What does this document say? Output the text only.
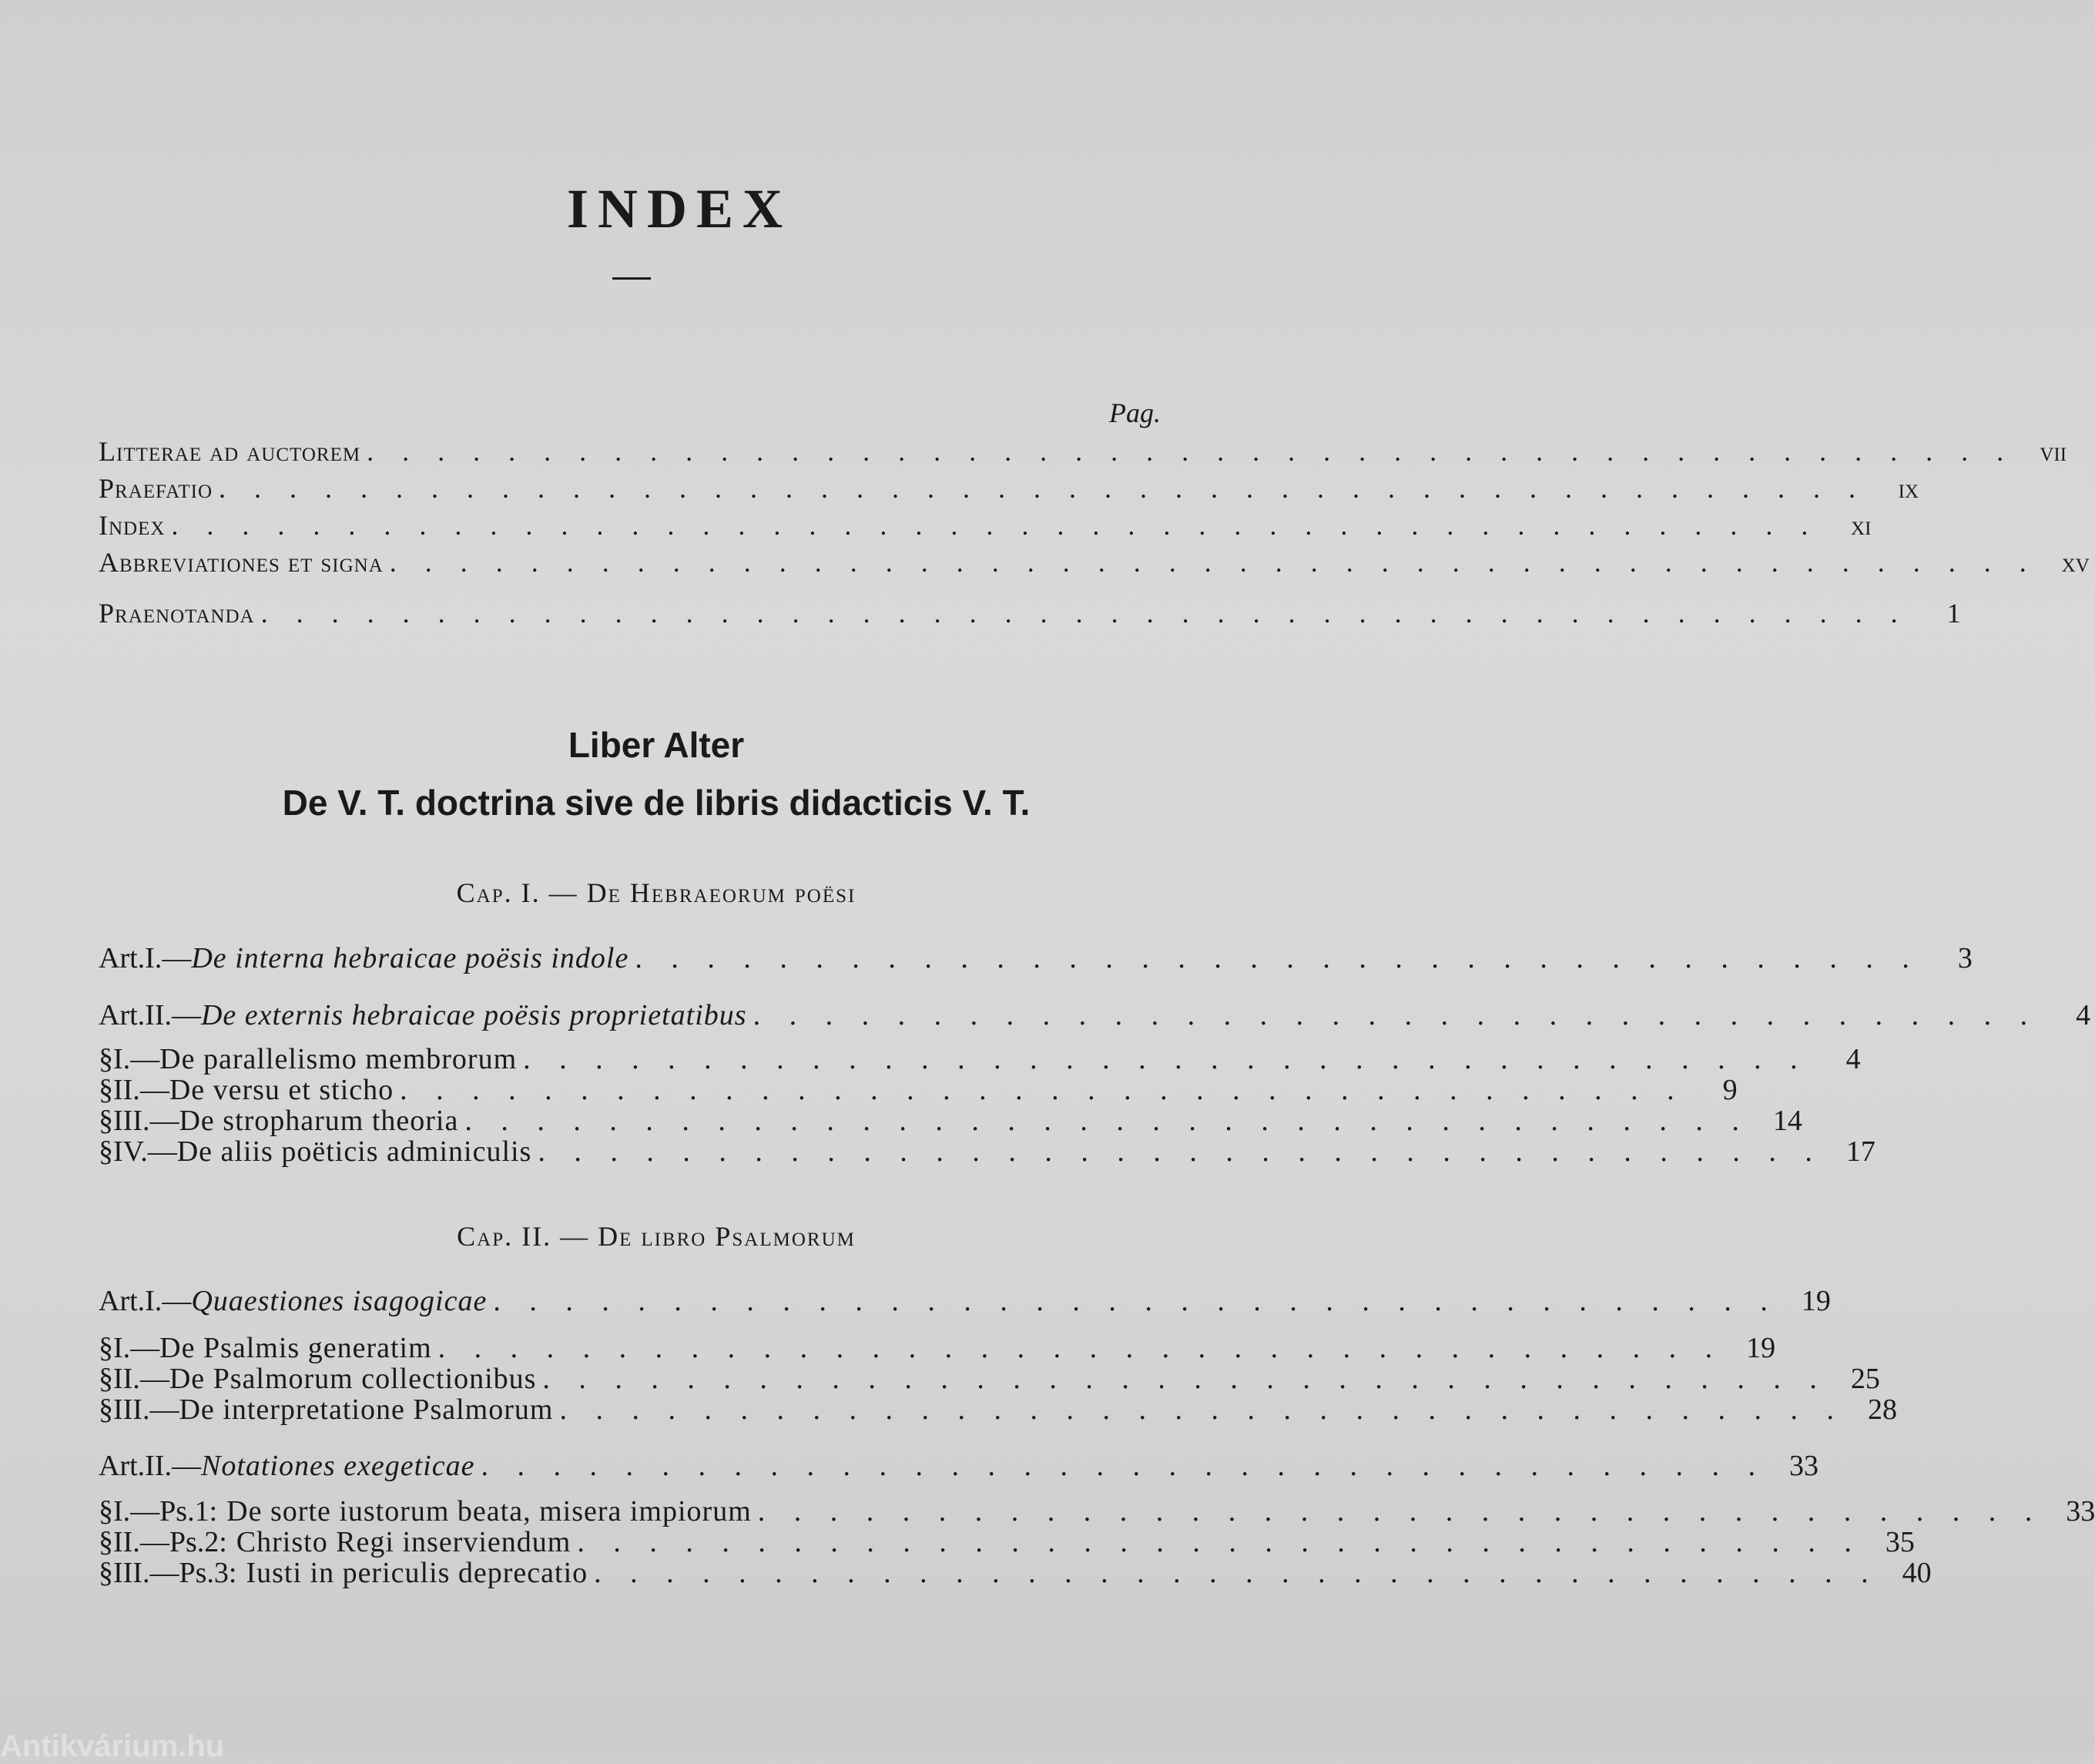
INDEX
Pag.
Litterae ad auctorem . . . . . . . . . . . . . . . . . . . . . . . . . . . . . . . . . . . . . . . . . . . . . . . vii
Praefatio . . . . . . . . . . . . . . . . . . . . . . . . . . . . . . . . . . . . . . . . . . . . . . .	ix
Index . . . . . . . . . . . . . . . . . . . . . . . . . . . . . . . . . . . . . . . . . . . . . . .	xi
Abbreviationes et signa . . . . . . . . . . . . . . . . . . . . . . . . . . . . . . . . . . . . . . . . . . . . . . . xv
Praenotanda . . . . . . . . . . . . . . . . . . . . . . . . . . . . . . . . . . . . . . . . . . . . . . .	1
Liber Alter
De V. T. doctrina sive de libris didacticis V. T.
Cap. I. — De Hebraeorum poësi
Art. I. — De interna hebraicae poësis indole . . . . . . . . . . . . . . . . . . . . . . . . . . . . . . . . . . . .	3
Art. II. — De externis hebraicae poësis proprietatibus . . . . . . . . . . . . . . . . . . . . . . . . . . . . . . . . . . . .	4
§ I. — De parallelismo membrorum . . . . . . . . . . . . . . . . . . . . . . . . . . . . . . . . . . . .	4
§ II. — De versu et sticho . . . . . . . . . . . . . . . . . . . . . . . . . . . . . . . . . . . .	9
§ III. — De stropharum theoria . . . . . . . . . . . . . . . . . . . . . . . . . . . . . . . . . . . . 14
§ IV. — De aliis poëticis adminiculis . . . . . . . . . . . . . . . . . . . . . . . . . . . . . . . . . . . . 17
Cap. II. — De libro Psalmorum
Art. I. — Quaestiones isagogicae . . . . . . . . . . . . . . . . . . . . . . . . . . . . . . . . . . . . 19
§ I. — De Psalmis generatim . . . . . . . . . . . . . . . . . . . . . . . . . . . . . . . . . . . . 19
§ II. — De Psalmorum collectionibus . . . . . . . . . . . . . . . . . . . . . . . . . . . . . . . . . . . . 25
§ III. — De interpretatione Psalmorum . . . . . . . . . . . . . . . . . . . . . . . . . . . . . . . . . . . . 28
Art. II. — Notationes exegeticae . . . . . . . . . . . . . . . . . . . . . . . . . . . . . . . . . . . . 33
§ I. — Ps. 1: De sorte iustorum beata, misera impiorum . . . . . . . . . . . . . . . . . . . . . . . . . . . . . . . . . . . . 33
§ II. — Ps. 2: Christo Regi inserviendum . . . . . . . . . . . . . . . . . . . . . . . . . . . . . . . . . . . . 35
§ III. — Ps. 3: Iusti in periculis deprecatio . . . . . . . . . . . . . . . . . . . . . . . . . . . . . . . . . . . . 40
Antikvárium.hu
